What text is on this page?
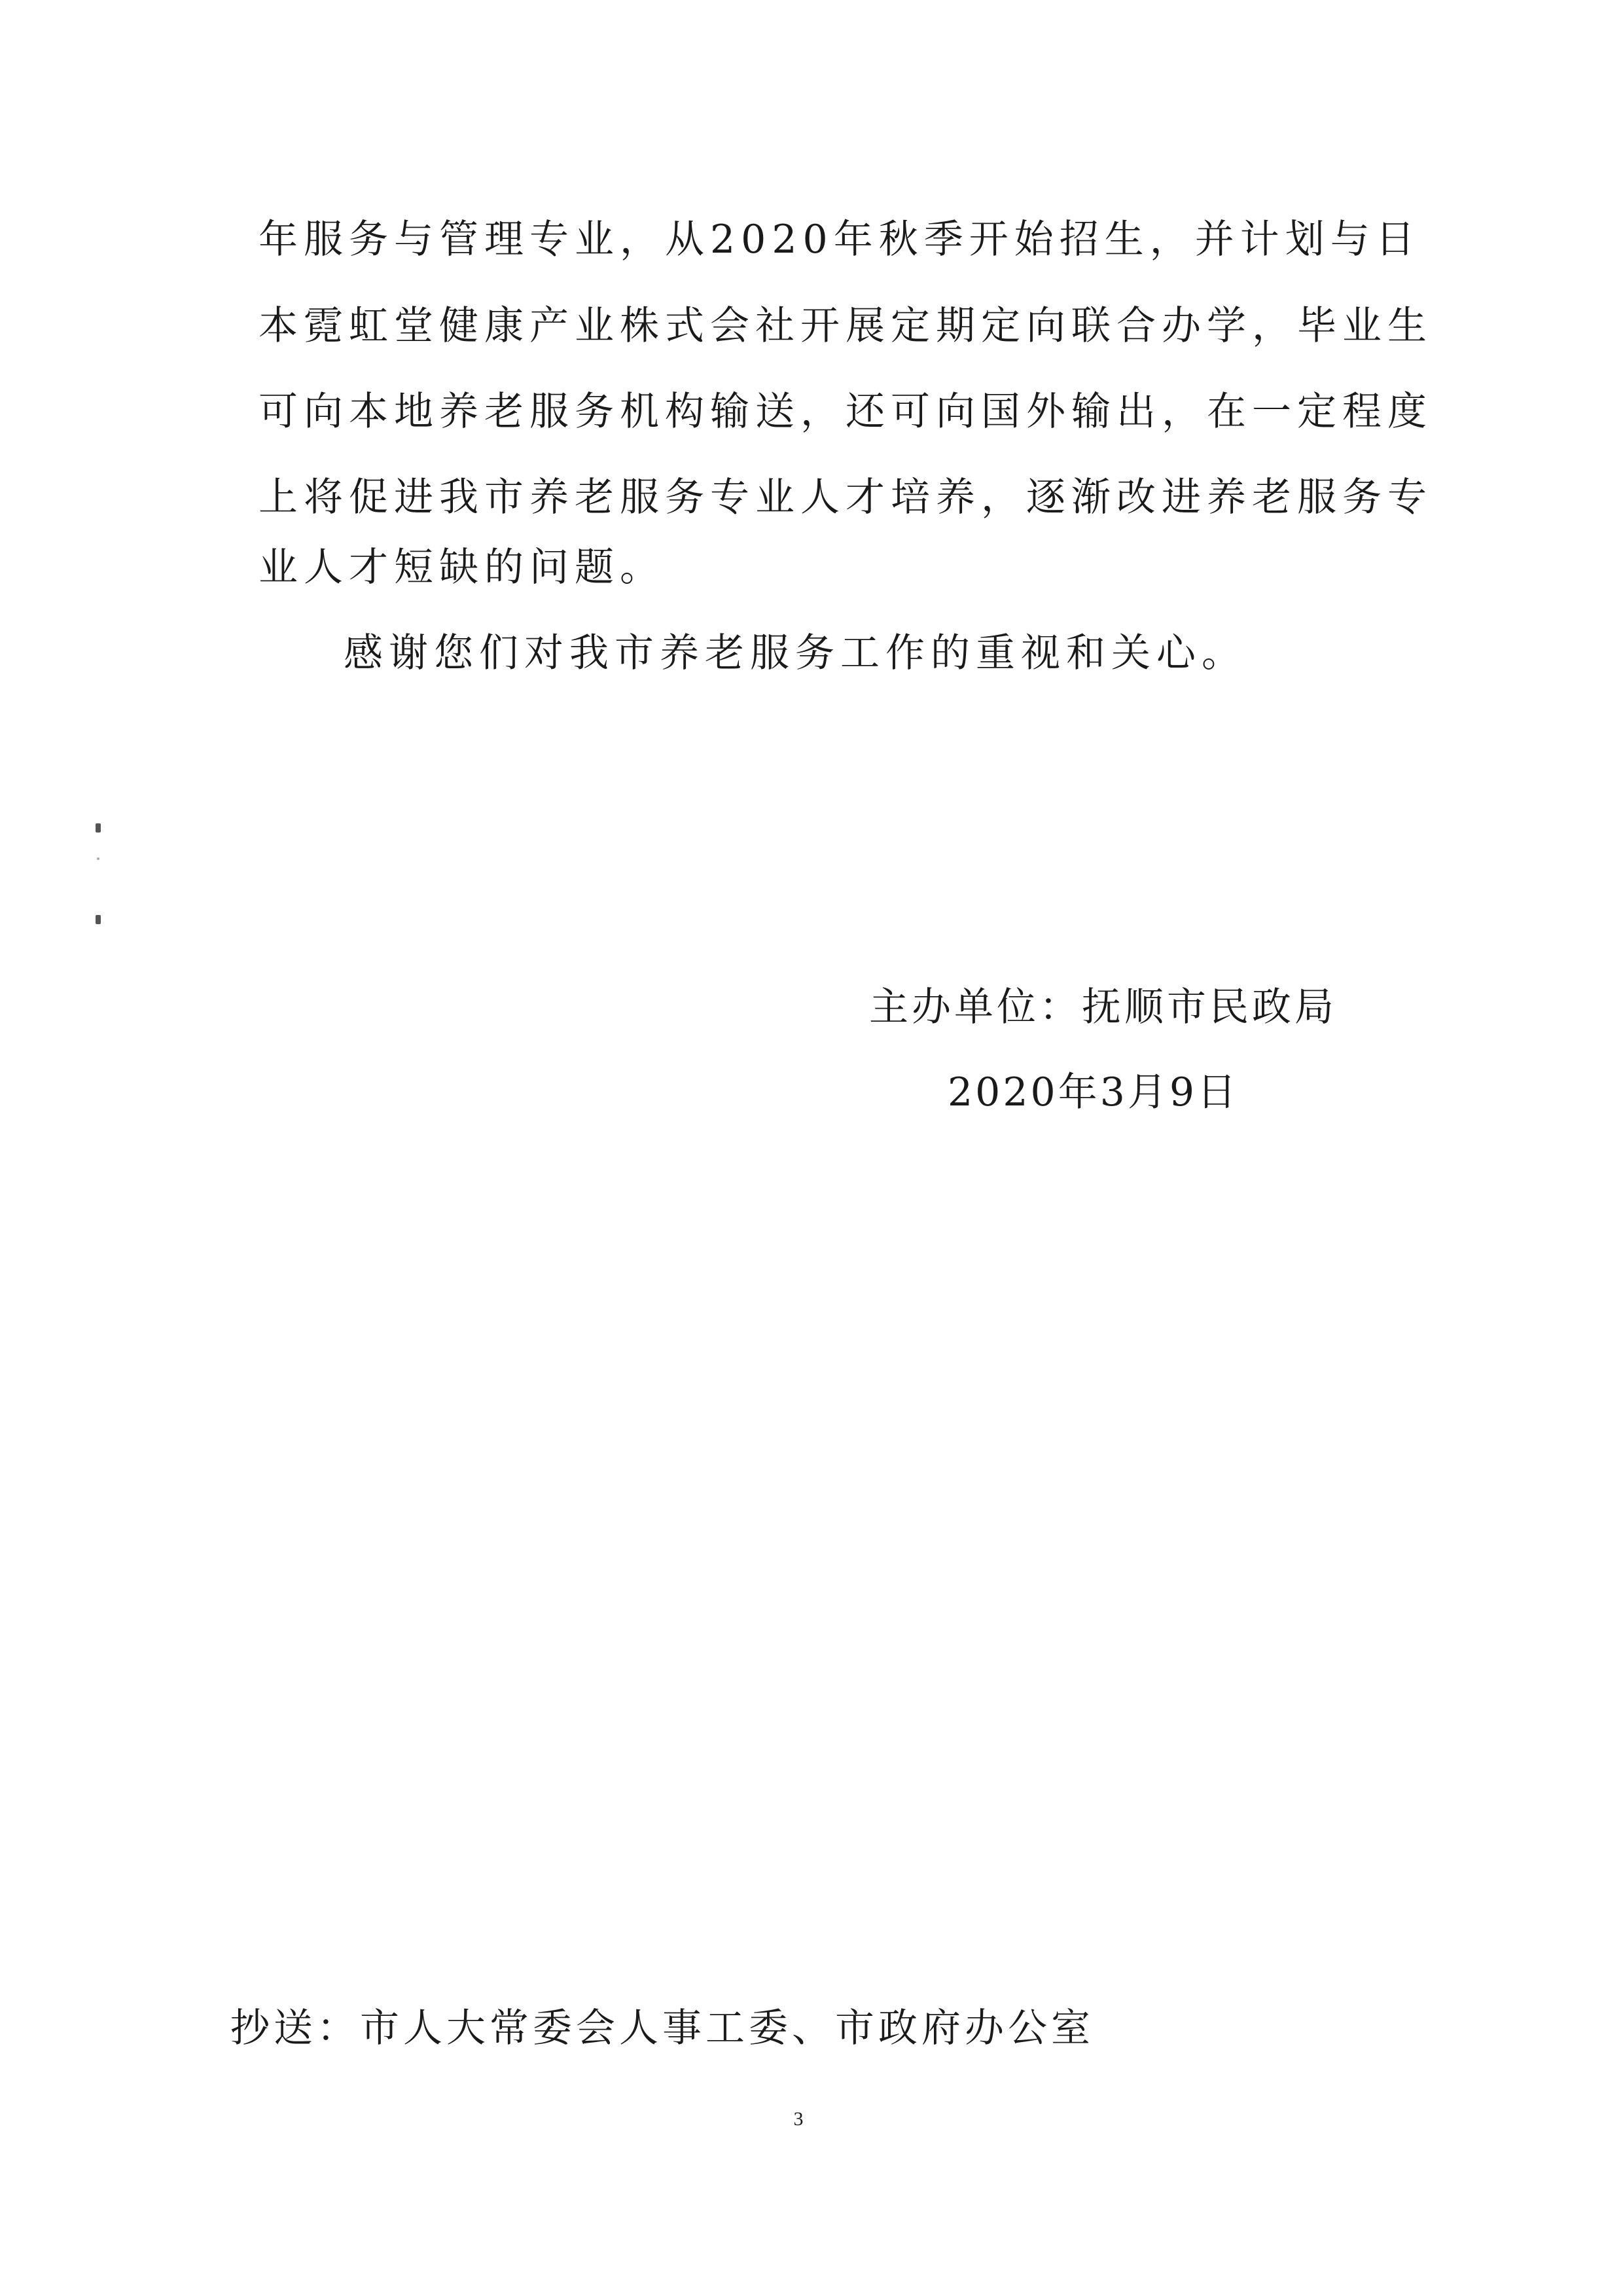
年服务与管理专业，从2020年秋季开始招生，并计划与日
本霓虹堂健康产业株式会社开展定期定向联合办学，毕业生
可向本地养老服务机构输送，还可向国外输出，在一定程度
上将促进我市养老服务专业人才培养，逐渐改进养老服务专
业人才短缺的问题。
感谢您们对我市养老服务工作的重视和关心。
主办单位：抚顺市民政局
2020年3月9日
抄送：市人大常委会人事工委、市政府办公室
3
